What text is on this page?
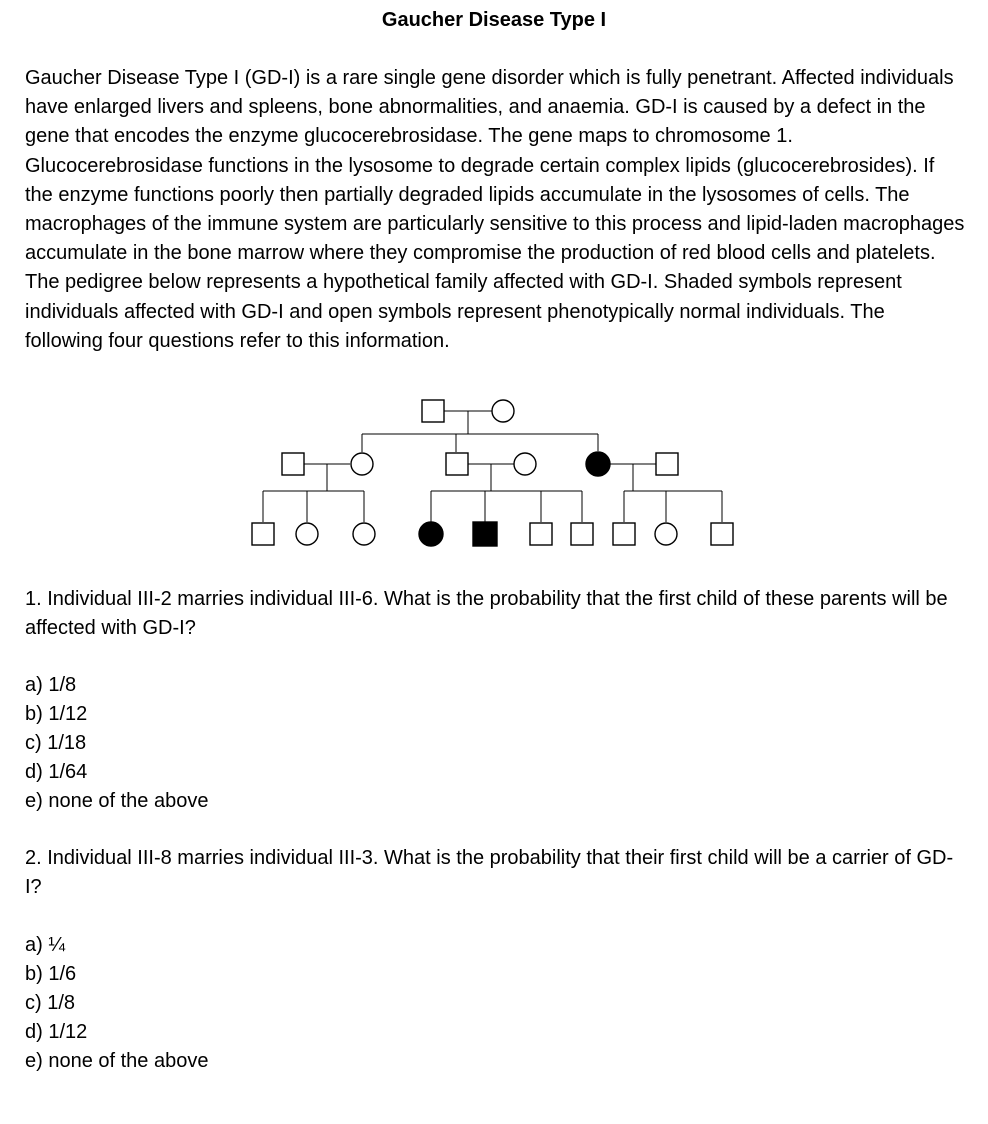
Gaucher Disease Type I

Gaucher Disease Type I (GD-I) is a rare single gene disorder which is fully penetrant. Affected individuals have enlarged livers and spleens, bone abnormalities, and anaemia. GD-I is caused by a defect in the gene that encodes the enzyme glucocerebrosidase. The gene maps to chromosome 1. Glucocerebrosidase functions in the lysosome to degrade certain complex lipids (glucocerebrosides). If the enzyme functions poorly then partially degraded lipids accumulate in the lysosomes of cells. The macrophages of the immune system are particularly sensitive to this process and lipid-laden macrophages accumulate in the bone marrow where they compromise the production of red blood cells and platelets. The pedigree below represents a hypothetical family affected with GD-I. Shaded symbols represent individuals affected with GD-I and open symbols represent phenotypically normal individuals. The following four questions refer to this information.

1. Individual III-2 marries individual III-6. What is the probability that the first child of these parents will be affected with GD-I?

a) 1/8
b) 1/12
c) 1/18
d) 1/64
e) none of the above

2. Individual III-8 marries individual III-3. What is the probability that their first child will be a carrier of GD-I?

a) ¼
b) 1/6
c) 1/8
d) 1/12
e) none of the above
